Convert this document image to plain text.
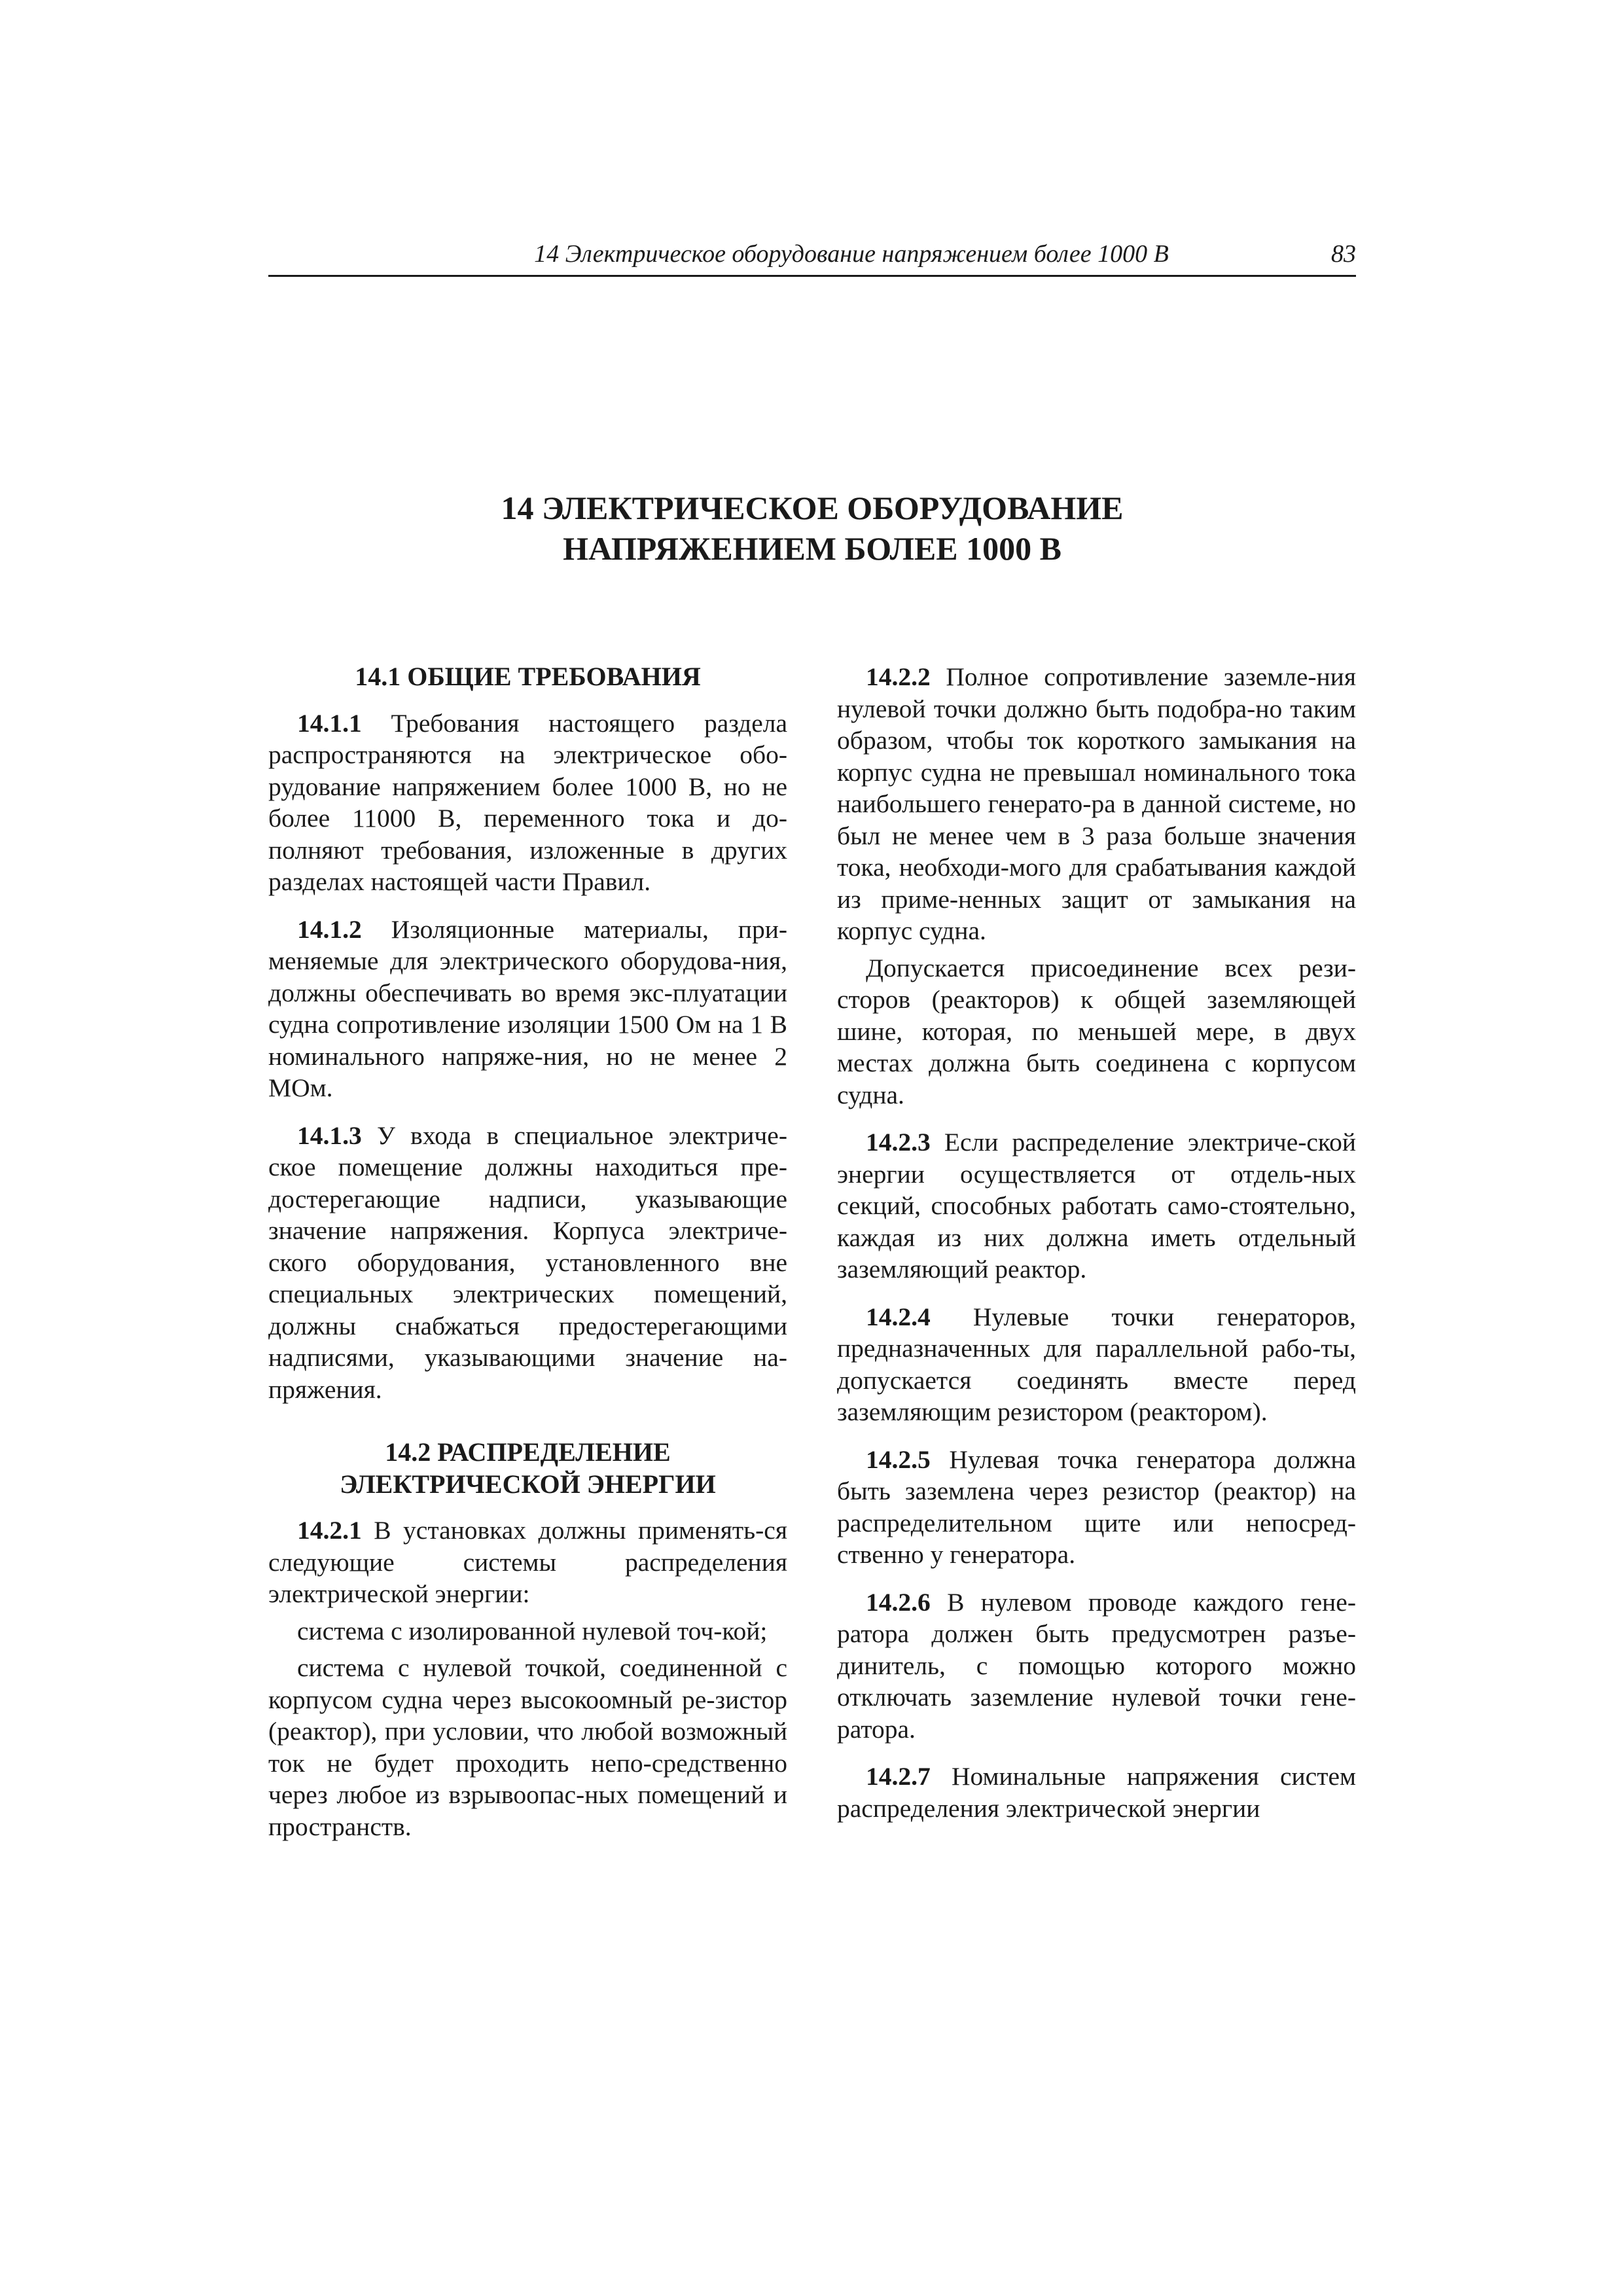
14 Электрическое оборудование напряжением более 1000 В	83
14 ЭЛЕКТРИЧЕСКОЕ ОБОРУДОВАНИЕ
НАПРЯЖЕНИЕМ БОЛЕЕ 1000 В
14.1 ОБЩИЕ ТРЕБОВАНИЯ

14.1.1 Требования настоящего раздела распространяются на электрическое обо-рудование напряжением более 1000 В, но не более 11000 В, переменного тока и до-полняют требования, изложенные в других разделах настоящей части Правил.

14.1.2 Изоляционные материалы, при-меняемые для электрического оборудова-ния, должны обеспечивать во время экс-плуатации судна сопротивление изоляции 1500 Ом на 1 В номинального напряже-ния, но не менее 2 МОм.

14.1.3 У входа в специальное электриче-ское помещение должны находиться пре-достерегающие надписи, указывающие значение напряжения. Корпуса электриче-ского оборудования, установленного вне специальных электрических помещений, должны снабжаться предостерегающими надписями, указывающими значение на-пряжения.

14.2 РАСПРЕДЕЛЕНИЕ
ЭЛЕКТРИЧЕСКОЙ ЭНЕРГИИ

14.2.1 В установках должны применять-ся следующие системы распределения электрической энергии:

система с изолированной нулевой точ-кой;

система с нулевой точкой, соединенной с корпусом судна через высокоомный ре-зистор (реактор), при условии, что любой возможный ток не будет проходить непо-средственно через любое из взрывоопас-ных помещений и пространств.

14.2.2 Полное сопротивление заземле-ния нулевой точки должно быть подобра-но таким образом, чтобы ток короткого замыкания на корпус судна не превышал номинального тока наибольшего генерато-ра в данной системе, но был не менее чем в 3 раза больше значения тока, необходи-мого для срабатывания каждой из приме-ненных защит от замыкания на корпус судна.

Допускается присоединение всех рези-сторов (реакторов) к общей заземляющей шине, которая, по меньшей мере, в двух местах должна быть соединена с корпусом судна.

14.2.3 Если распределение электриче-ской энергии осуществляется от отдель-ных секций, способных работать само-стоятельно, каждая из них должна иметь отдельный заземляющий реактор.

14.2.4 Нулевые точки генераторов, предназначенных для параллельной рабо-ты, допускается соединять вместе перед заземляющим резистором (реактором).

14.2.5 Нулевая точка генератора должна быть заземлена через резистор (реактор) на распределительном щите или непосред-ственно у генератора.

14.2.6 В нулевом проводе каждого гене-ратора должен быть предусмотрен разъе-динитель, с помощью которого можно отключать заземление нулевой точки гене-ратора.

14.2.7 Номинальные напряжения систем распределения электрической энергии
